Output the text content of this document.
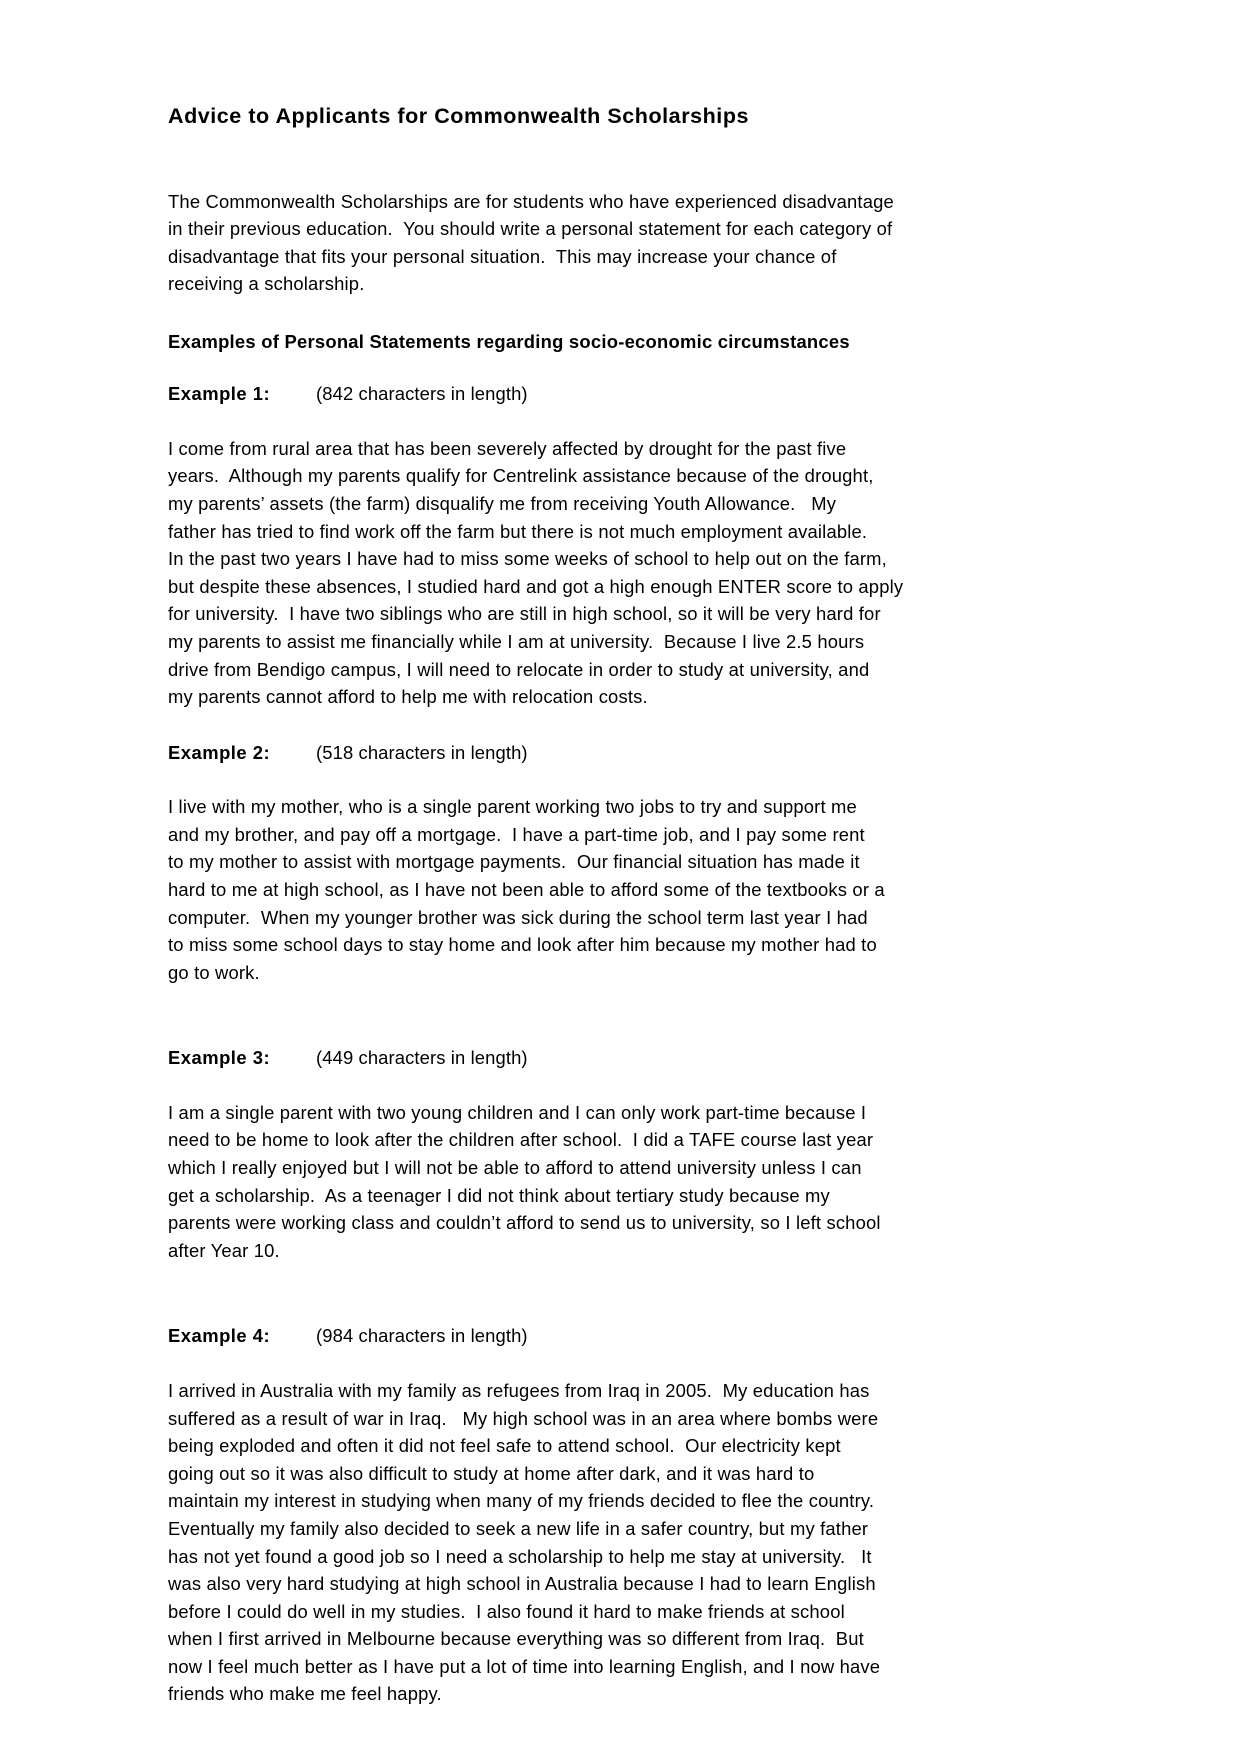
Advice to Applicants for Commonwealth Scholarships
The Commonwealth Scholarships are for students who have experienced disadvantage
in their previous education.  You should write a personal statement for each category of
disadvantage that fits your personal situation.  This may increase your chance of
receiving a scholarship.
Examples of Personal Statements regarding socio-economic circumstances
Example 1: (842 characters in length)
I come from rural area that has been severely affected by drought for the past five
years.  Although my parents qualify for Centrelink assistance because of the drought,
my parents’ assets (the farm) disqualify me from receiving Youth Allowance.   My
father has tried to find work off the farm but there is not much employment available.
In the past two years I have had to miss some weeks of school to help out on the farm,
but despite these absences, I studied hard and got a high enough ENTER score to apply
for university.  I have two siblings who are still in high school, so it will be very hard for
my parents to assist me financially while I am at university.  Because I live 2.5 hours
drive from Bendigo campus, I will need to relocate in order to study at university, and
my parents cannot afford to help me with relocation costs.
Example 2: (518 characters in length)
I live with my mother, who is a single parent working two jobs to try and support me
and my brother, and pay off a mortgage.  I have a part-time job, and I pay some rent
to my mother to assist with mortgage payments.  Our financial situation has made it
hard to me at high school, as I have not been able to afford some of the textbooks or a
computer.  When my younger brother was sick during the school term last year I had
to miss some school days to stay home and look after him because my mother had to
go to work.
Example 3: (449 characters in length)
I am a single parent with two young children and I can only work part-time because I
need to be home to look after the children after school.  I did a TAFE course last year
which I really enjoyed but I will not be able to afford to attend university unless I can
get a scholarship.  As a teenager I did not think about tertiary study because my
parents were working class and couldn’t afford to send us to university, so I left school
after Year 10.
Example 4: (984 characters in length)
I arrived in Australia with my family as refugees from Iraq in 2005.  My education has
suffered as a result of war in Iraq.   My high school was in an area where bombs were
being exploded and often it did not feel safe to attend school.  Our electricity kept
going out so it was also difficult to study at home after dark, and it was hard to
maintain my interest in studying when many of my friends decided to flee the country.
Eventually my family also decided to seek a new life in a safer country, but my father
has not yet found a good job so I need a scholarship to help me stay at university.   It
was also very hard studying at high school in Australia because I had to learn English
before I could do well in my studies.  I also found it hard to make friends at school
when I first arrived in Melbourne because everything was so different from Iraq.  But
now I feel much better as I have put a lot of time into learning English, and I now have
friends who make me feel happy.
